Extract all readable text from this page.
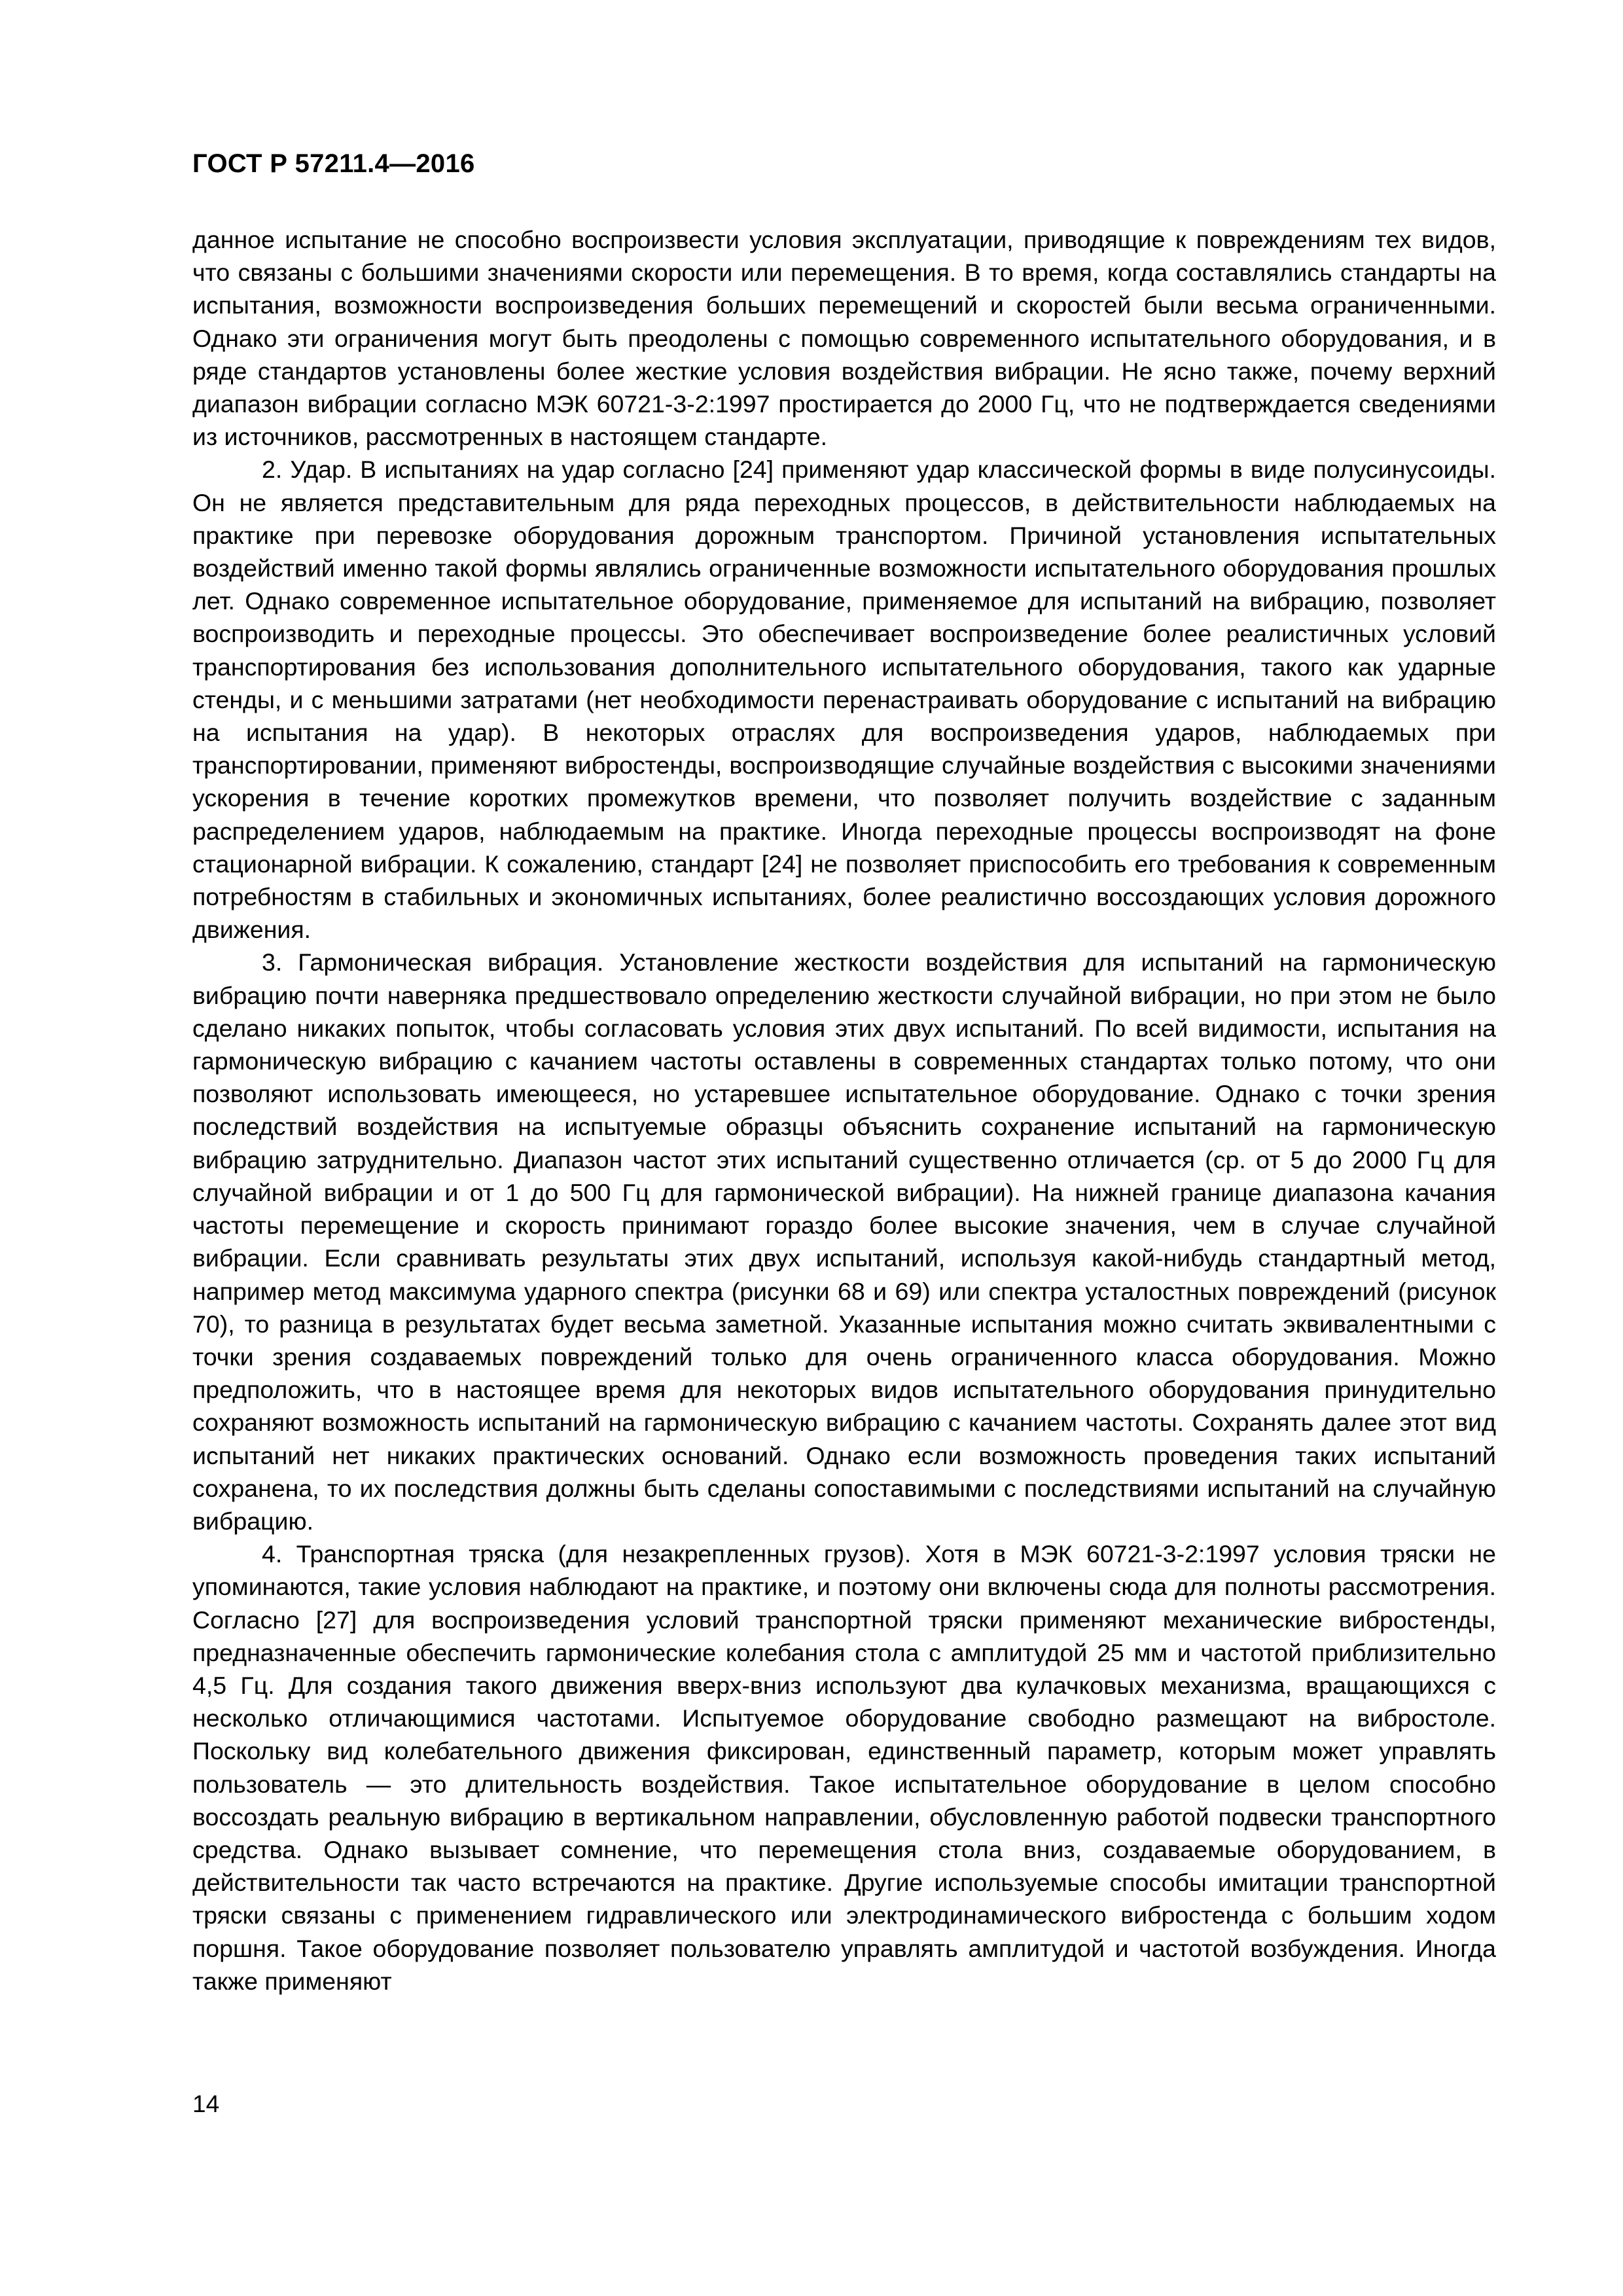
ГОСТ Р 57211.4—2016

данное испытание не способно воспроизвести условия эксплуатации, приводящие к повреждениям тех видов, что связаны с большими значениями скорости или перемещения. В то время, когда составлялись стандарты на испытания, возможности воспроизведения больших перемещений и скоростей были весьма ограниченными. Однако эти ограничения могут быть преодолены с помощью современного испытательного оборудования, и в ряде стандартов установлены более жесткие условия воздействия вибрации. Не ясно также, почему верхний диапазон вибрации согласно МЭК 60721-3-2:1997 простирается до 2000 Гц, что не подтверждается сведениями из источников, рассмотренных в настоящем стандарте.

2. Удар. В испытаниях на удар согласно [24] применяют удар классической формы в виде полусинусоиды. Он не является представительным для ряда переходных процессов, в действительности наблюдаемых на практике при перевозке оборудования дорожным транспортом. Причиной установления испытательных воздействий именно такой формы являлись ограниченные возможности испытательного оборудования прошлых лет. Однако современное испытательное оборудование, применяемое для испытаний на вибрацию, позволяет воспроизводить и переходные процессы. Это обеспечивает воспроизведение более реалистичных условий транспортирования без использования дополнительного испытательного оборудования, такого как ударные стенды, и с меньшими затратами (нет необходимости перенастраивать оборудование с испытаний на вибрацию на испытания на удар). В некоторых отраслях для воспроизведения ударов, наблюдаемых при транспортировании, применяют вибростенды, воспроизводящие случайные воздействия с высокими значениями ускорения в течение коротких промежутков времени, что позволяет получить воздействие с заданным распределением ударов, наблюдаемым на практике. Иногда переходные процессы воспроизводят на фоне стационарной вибрации. К сожалению, стандарт [24] не позволяет приспособить его требования к современным потребностям в стабильных и экономичных испытаниях, более реалистично воссоздающих условия дорожного движения.

3. Гармоническая вибрация. Установление жесткости воздействия для испытаний на гармоническую вибрацию почти наверняка предшествовало определению жесткости случайной вибрации, но при этом не было сделано никаких попыток, чтобы согласовать условия этих двух испытаний. По всей видимости, испытания на гармоническую вибрацию с качанием частоты оставлены в современных стандартах только потому, что они позволяют использовать имеющееся, но устаревшее испытательное оборудование. Однако с точки зрения последствий воздействия на испытуемые образцы объяснить сохранение испытаний на гармоническую вибрацию затруднительно. Диапазон частот этих испытаний существенно отличается (ср. от 5 до 2000 Гц для случайной вибрации и от 1 до 500 Гц для гармонической вибрации). На нижней границе диапазона качания частоты перемещение и скорость принимают гораздо более высокие значения, чем в случае случайной вибрации. Если сравнивать результаты этих двух испытаний, используя какой-нибудь стандартный метод, например метод максимума ударного спектра (рисунки 68 и 69) или спектра усталостных повреждений (рисунок 70), то разница в результатах будет весьма заметной. Указанные испытания можно считать эквивалентными с точки зрения создаваемых повреждений только для очень ограниченного класса оборудования. Можно предположить, что в настоящее время для некоторых видов испытательного оборудования принудительно сохраняют возможность испытаний на гармоническую вибрацию с качанием частоты. Сохранять далее этот вид испытаний нет никаких практических оснований. Однако если возможность проведения таких испытаний сохранена, то их последствия должны быть сделаны сопоставимыми с последствиями испытаний на случайную вибрацию.

4. Транспортная тряска (для незакрепленных грузов). Хотя в МЭК 60721-3-2:1997 условия тряски не упоминаются, такие условия наблюдают на практике, и поэтому они включены сюда для полноты рассмотрения. Согласно [27] для воспроизведения условий транспортной тряски применяют механические вибростенды, предназначенные обеспечить гармонические колебания стола с амплитудой 25 мм и частотой приблизительно 4,5 Гц. Для создания такого движения вверх-вниз используют два кулачковых механизма, вращающихся с несколько отличающимися частотами. Испытуемое оборудование свободно размещают на вибростоле. Поскольку вид колебательного движения фиксирован, единственный параметр, которым может управлять пользователь — это длительность воздействия. Такое испытательное оборудование в целом способно воссоздать реальную вибрацию в вертикальном направлении, обусловленную работой подвески транспортного средства. Однако вызывает сомнение, что перемещения стола вниз, создаваемые оборудованием, в действительности так часто встречаются на практике. Другие используемые способы имитации транспортной тряски связаны с применением гидравлического или электродинамического вибростенда с большим ходом поршня. Такое оборудование позволяет пользователю управлять амплитудой и частотой возбуждения. Иногда также применяют

14
